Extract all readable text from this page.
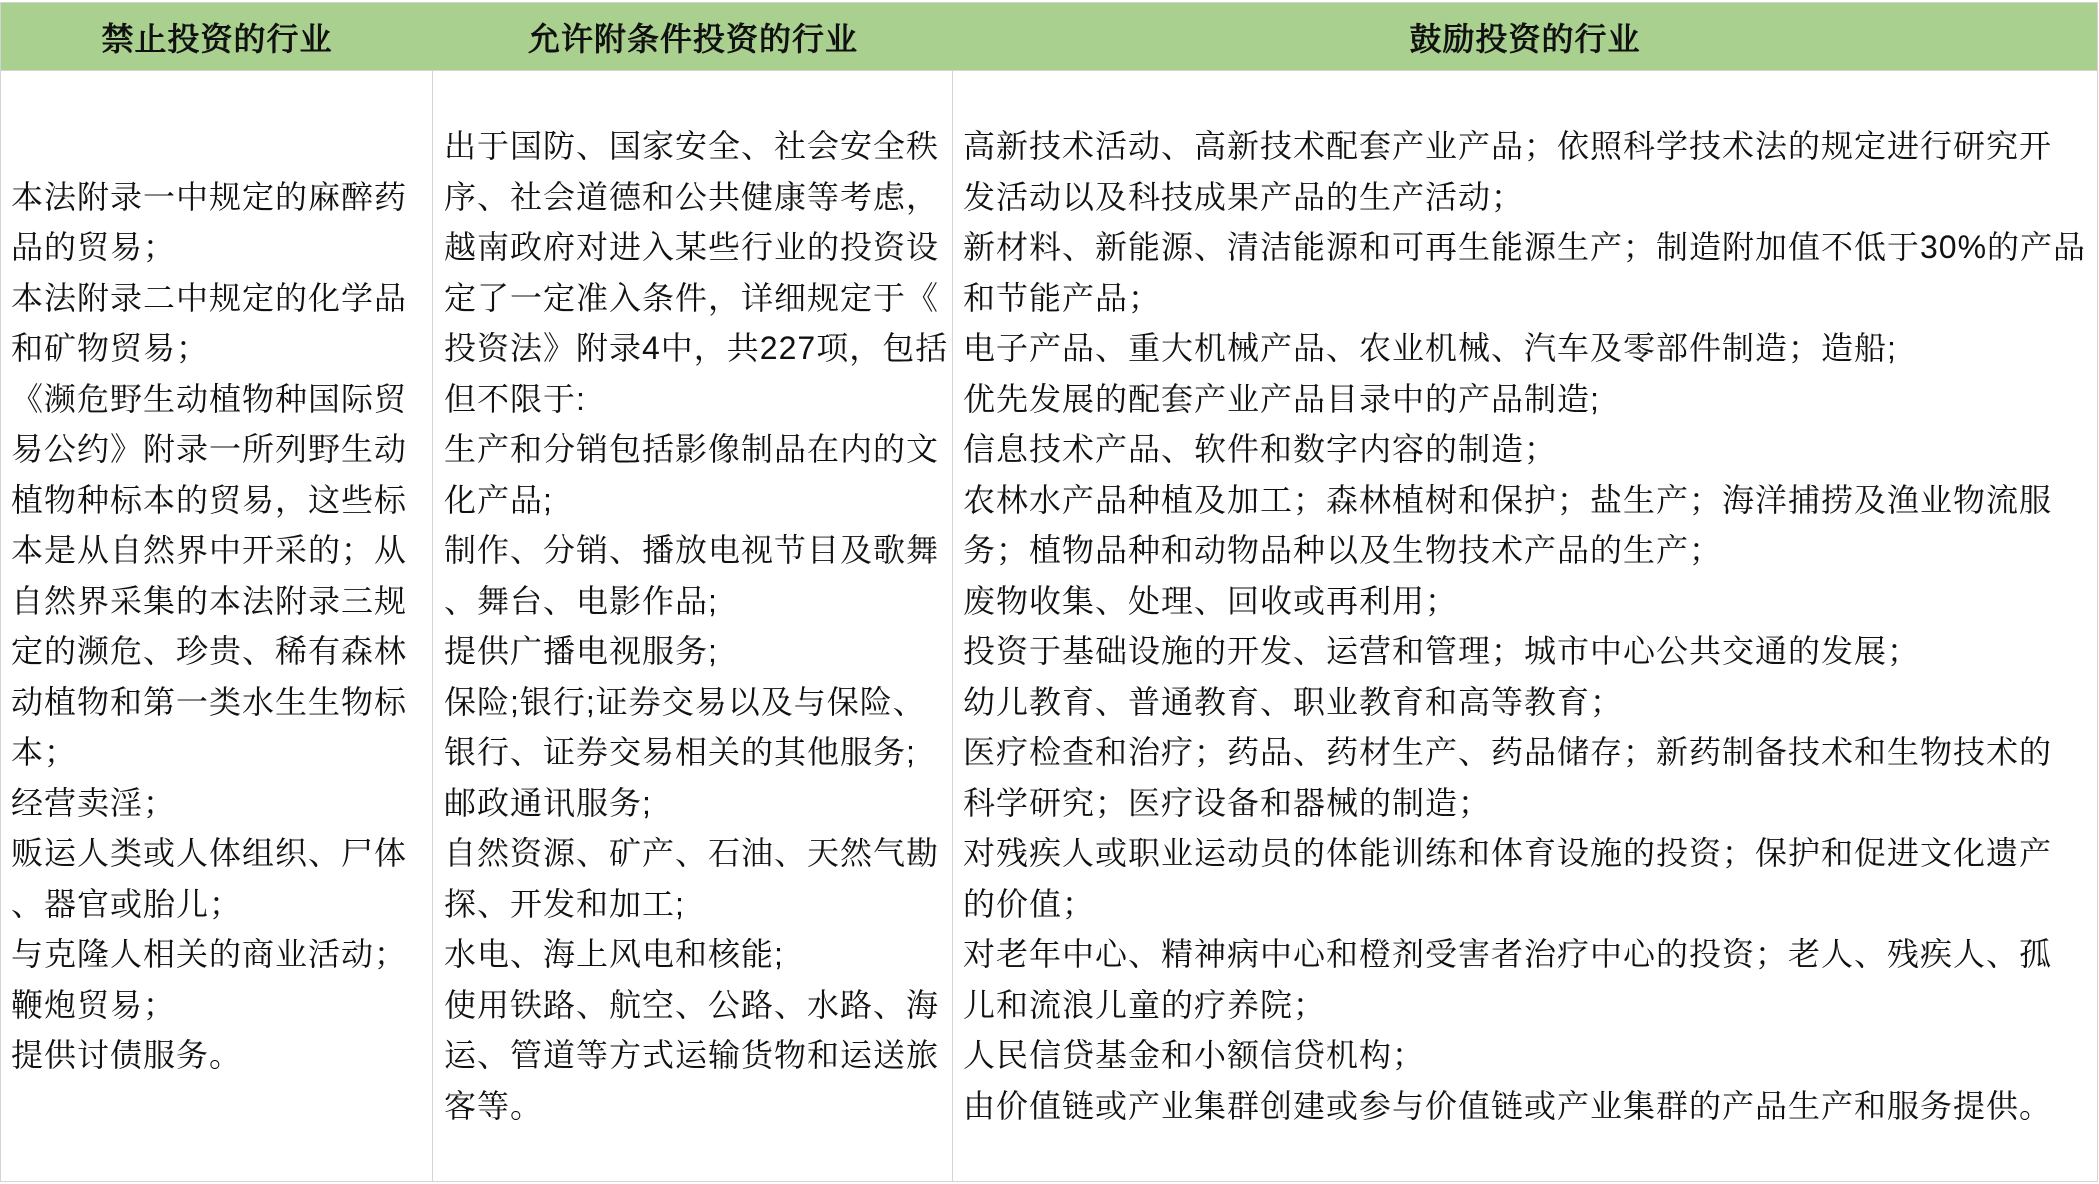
禁止投资的行业	允许附条件投资的行业	鼓励投资的行业
本法附录一中规定的麻醉药
品的贸易；
本法附录二中规定的化学品
和矿物贸易；
《濒危野生动植物种国际贸
易公约》附录一所列野生动
植物种标本的贸易，这些标
本是从自然界中开采的；从
自然界采集的本法附录三规
定的濒危、珍贵、稀有森林
动植物和第一类水生生物标
本；
经营卖淫；
贩运人类或人体组织、尸体
、器官或胎儿；
与克隆人相关的商业活动；
鞭炮贸易；
提供讨债服务。
出于国防、国家安全、社会安全秩
序、社会道德和公共健康等考虑，
越南政府对进入某些行业的投资设
定了一定准入条件，详细规定于《
投资法》附录4中，共227项，包括
但不限于:
生产和分销包括影像制品在内的文
化产品;
制作、分销、播放电视节目及歌舞
、舞台、电影作品;
提供广播电视服务;
保险;银行;证券交易以及与保险、
银行、证券交易相关的其他服务;
邮政通讯服务;
自然资源、矿产、石油、天然气勘
探、开发和加工;
水电、海上风电和核能;
使用铁路、航空、公路、水路、海
运、管道等方式运输货物和运送旅
客等。
高新技术活动、高新技术配套产业产品；依照科学技术法的规定进行研究开
发活动以及科技成果产品的生产活动；
新材料、新能源、清洁能源和可再生能源生产；制造附加值不低于30%的产品
和节能产品；
电子产品、重大机械产品、农业机械、汽车及零部件制造；造船;
优先发展的配套产业产品目录中的产品制造;
信息技术产品、软件和数字内容的制造；
农林水产品种植及加工；森林植树和保护；盐生产；海洋捕捞及渔业物流服
务；植物品种和动物品种以及生物技术产品的生产；
废物收集、处理、回收或再利用；
投资于基础设施的开发、运营和管理；城市中心公共交通的发展；
幼儿教育、普通教育、职业教育和高等教育；
医疗检查和治疗；药品、药材生产、药品储存；新药制备技术和生物技术的
科学研究；医疗设备和器械的制造；
对残疾人或职业运动员的体能训练和体育设施的投资；保护和促进文化遗产
的价值；
对老年中心、精神病中心和橙剂受害者治疗中心的投资；老人、残疾人、孤
儿和流浪儿童的疗养院；
人民信贷基金和小额信贷机构；
由价值链或产业集群创建或参与价值链或产业集群的产品生产和服务提供。
